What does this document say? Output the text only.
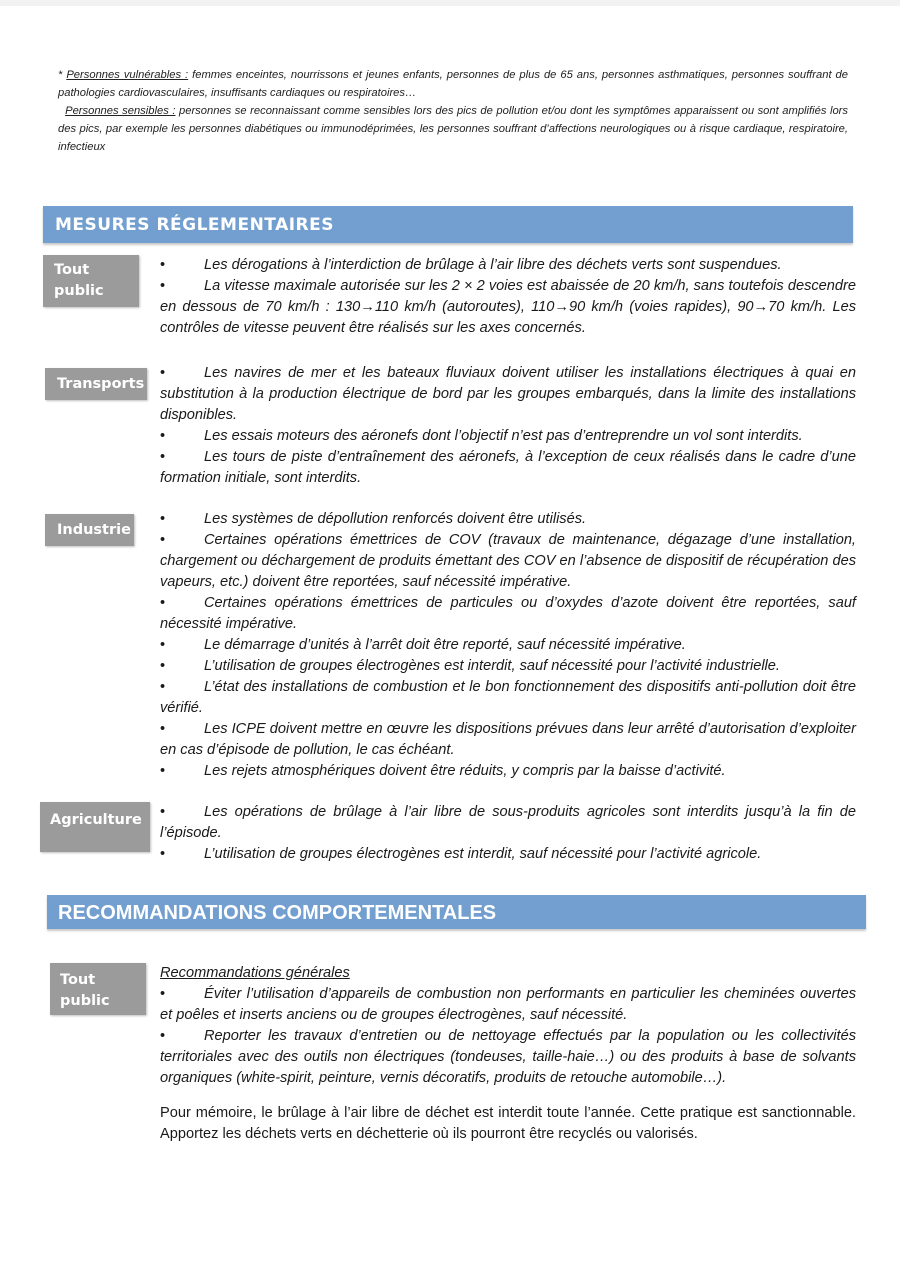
* Personnes vulnérables : femmes enceintes, nourrissons et jeunes enfants, personnes de plus de 65 ans, personnes asthmatiques, personnes souffrant de pathologies cardiovasculaires, insuffisants cardiaques ou respiratoires…

Personnes sensibles : personnes se reconnaissant comme sensibles lors des pics de pollution et/ou dont les symptômes apparaissent ou sont amplifiés lors des pics, par exemple les personnes diabétiques ou immunodéprimées, les personnes souffrant d’affections neurologiques ou à risque cardiaque, respiratoire, infectieux

MESURES RÉGLEMENTAIRES
Tout public

•	Les dérogations à l’interdiction de brûlage à l’air libre des déchets verts sont suspendues.

•	La vitesse maximale autorisée sur les 2 × 2 voies est abaissée de 20 km/h, sans toutefois descendre en dessous de 70 km/h : 130→110 km/h (autoroutes), 110→90 km/h (voies rapides), 90→70 km/h. Les contrôles de vitesse peuvent être réalisés sur les axes concernés.

Transports

•	Les navires de mer et les bateaux fluviaux doivent utiliser les installations électriques à quai en substitution à la production électrique de bord par les groupes embarqués, dans la limite des installations disponibles.

•	Les essais moteurs des aéronefs dont l’objectif n’est pas d’entreprendre un vol sont interdits.

•	Les tours de piste d’entraînement des aéronefs, à l’exception de ceux réalisés dans le cadre d’une formation initiale, sont interdits.

Industrie

•	Les systèmes de dépollution renforcés doivent être utilisés.

•	Certaines opérations émettrices de COV (travaux de maintenance, dégazage d’une installation, chargement ou déchargement de produits émettant des COV en l’absence de dispositif de récupération des vapeurs, etc.) doivent être reportées, sauf nécessité impérative.

•	Certaines opérations émettrices de particules ou d’oxydes d’azote doivent être reportées, sauf nécessité impérative.

•	Le démarrage d’unités à l’arrêt doit être reporté, sauf nécessité impérative.

•	L’utilisation de groupes électrogènes est interdit, sauf nécessité pour l’activité industrielle.

•	L’état des installations de combustion et le bon fonctionnement des dispositifs anti-pollution doit être vérifié.

•	Les ICPE doivent mettre en œuvre les dispositions prévues dans leur arrêté d’autorisation d’exploiter en cas d’épisode de pollution, le cas échéant.

•	Les rejets atmosphériques doivent être réduits, y compris par la baisse d’activité.

Agriculture	•	Les opérations de brûlage à l’air libre de sous-produits agricoles sont interdits jusqu’à la fin de l’épisode.

•	L’utilisation de groupes électrogènes est interdit, sauf nécessité pour l’activité agricole.

RECOMMANDATIONS COMPORTEMENTALES
Tout public

Recommandations générales

•	Éviter l’utilisation d’appareils de combustion non performants en particulier les cheminées ouvertes et poêles et inserts anciens ou de groupes électrogènes, sauf nécessité.

•	Reporter les travaux d’entretien ou de nettoyage effectués par la population ou les collectivités territoriales avec des outils non électriques (tondeuses, taille-haie…) ou des produits à base de solvants organiques (white-spirit, peinture, vernis décoratifs, produits de retouche automobile…).

Pour mémoire, le brûlage à l’air libre de déchet est interdit toute l’année. Cette pratique est sanctionnable. Apportez les déchets verts en déchetterie où ils pourront être recyclés ou valorisés.
